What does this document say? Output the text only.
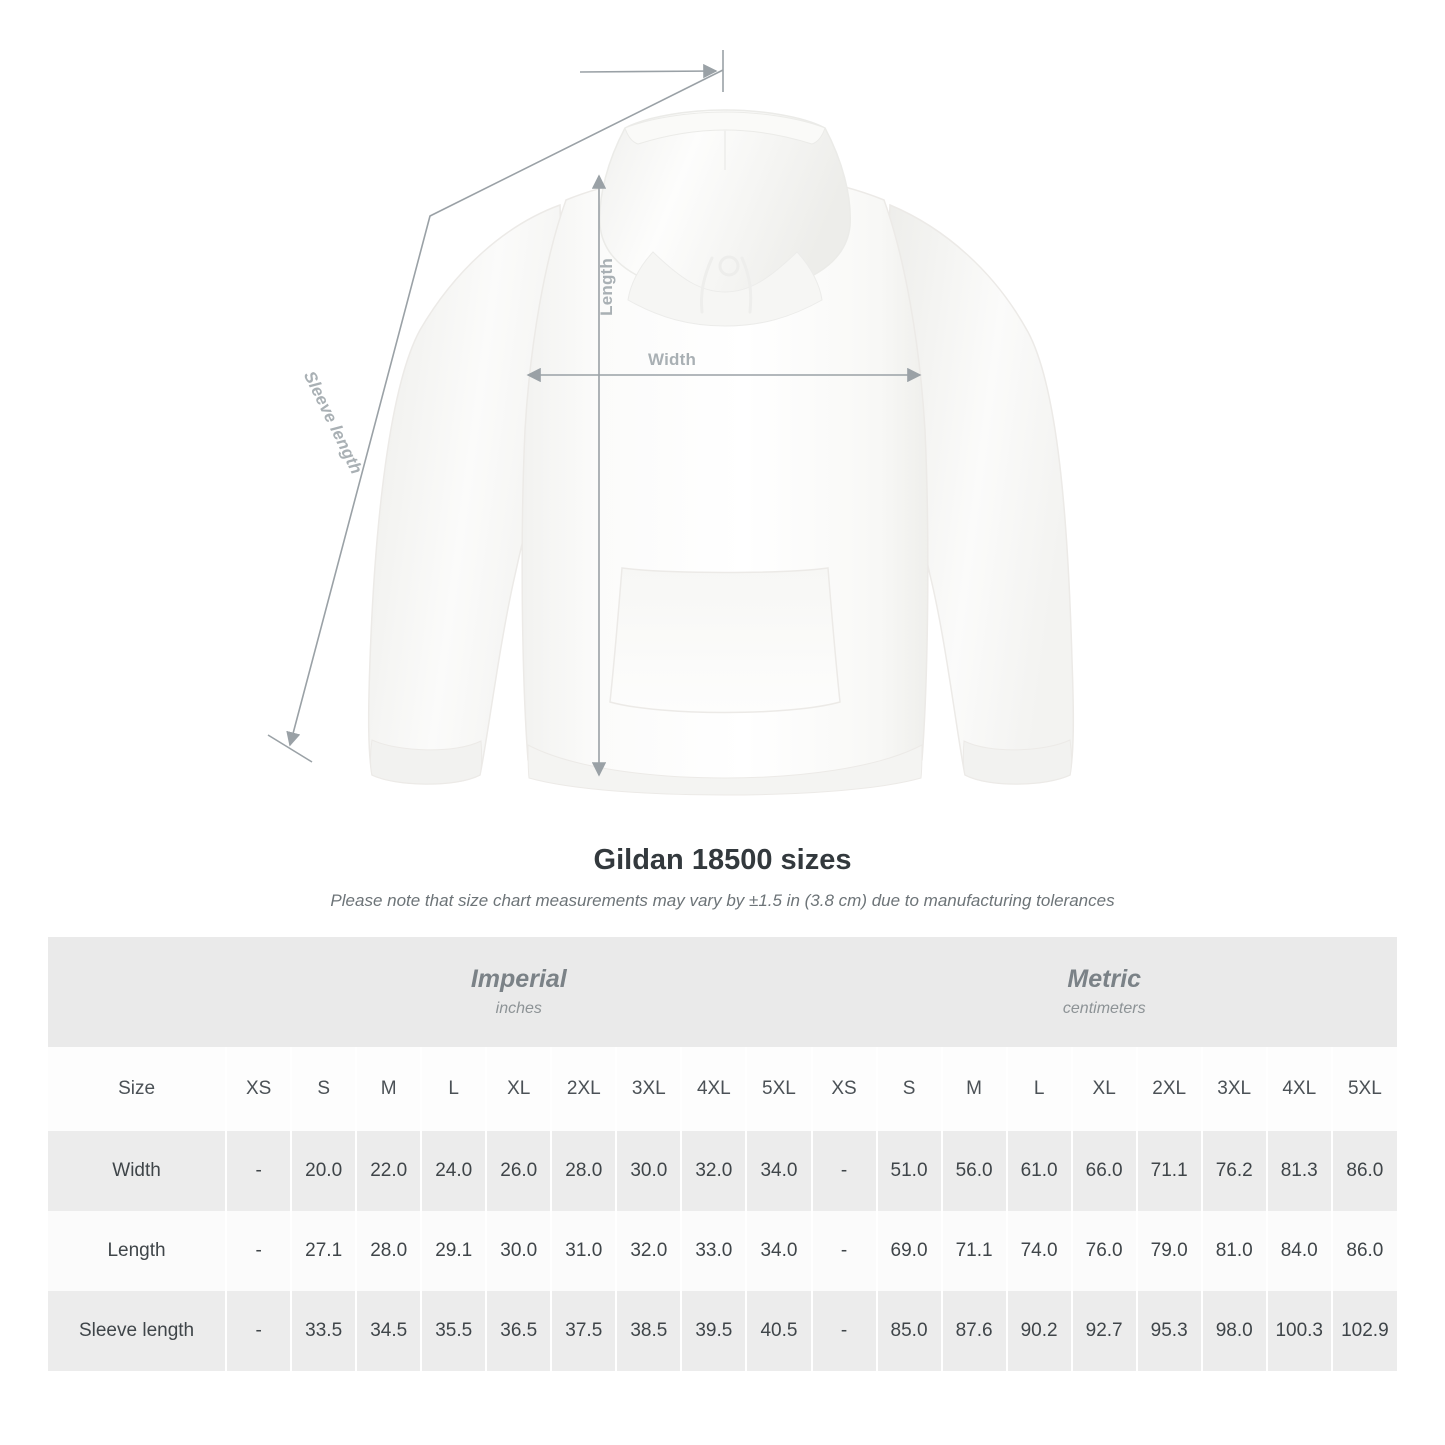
Length
Width
Sleeve length
Gildan 18500 sizes

Please note that size chart measurements may vary by ±1.5 in (3.8 cm) due to manufacturing tolerances

Imperial
inches

Metric
centimeters

Size	XS	S	M	L	XL	2XL	3XL	4XL	5XL	XS	S	M	L	XL	2XL	3XL	4XL	5XL
Width	-	20.0	22.0	24.0	26.0	28.0	30.0	32.0	34.0	-	51.0	56.0	61.0	66.0	71.1	76.2	81.3	86.0
Length	-	27.1	28.0	29.1	30.0	31.0	32.0	33.0	34.0	-	69.0	71.1	74.0	76.0	79.0	81.0	84.0	86.0
Sleeve length	-	33.5	34.5	35.5	36.5	37.5	38.5	39.5	40.5	-	85.0	87.6	90.2	92.7	95.3	98.0	100.3	102.9
